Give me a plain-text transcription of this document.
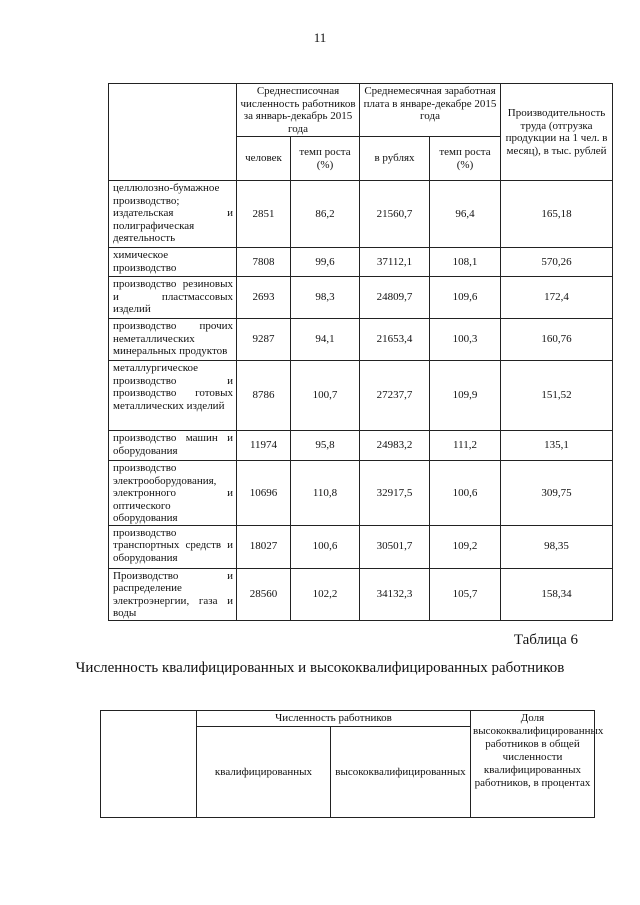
11
	Среднесписочная численность работников за январь-декабрь 2015 года		Среднемесячная заработная плата в январе-декабре 2015 года		Производительность труда (отгрузка продукции на 1 чел. в месяц), в тыс. рублей
	человек	темп роста (%)	в рублях	темп роста (%)	
целлюлозно-бумажное производство; издательская и полиграфическая деятельность	2851	86,2	21560,7	96,4	165,18
химическое производство	7808	99,6	37112,1	108,1	570,26
производство резиновых и пластмассовых изделий	2693	98,3	24809,7	109,6	172,4
производство прочих неметаллических минеральных продуктов	9287	94,1	21653,4	100,3	160,76
металлургическое производство и производство готовых металлических изделий	8786	100,7	27237,7	109,9	151,52
производство машин и оборудования	11974	95,8	24983,2	111,2	135,1
производство электрооборудования, электронного и оптического оборудования	10696	110,8	32917,5	100,6	309,75
производство транспортных средств и оборудования	18027	100,6	30501,7	109,2	98,35
Производство и распределение электроэнергии, газа и воды	28560	102,2	34132,3	105,7	158,34
Таблица 6
Численность квалифицированных и высококвалифицированных работников
	Численность работников		Доля высококвалифицированных работников в общей численности квалифицированных работников, в процентах
	квалифицированных	высококвалифицированных	
